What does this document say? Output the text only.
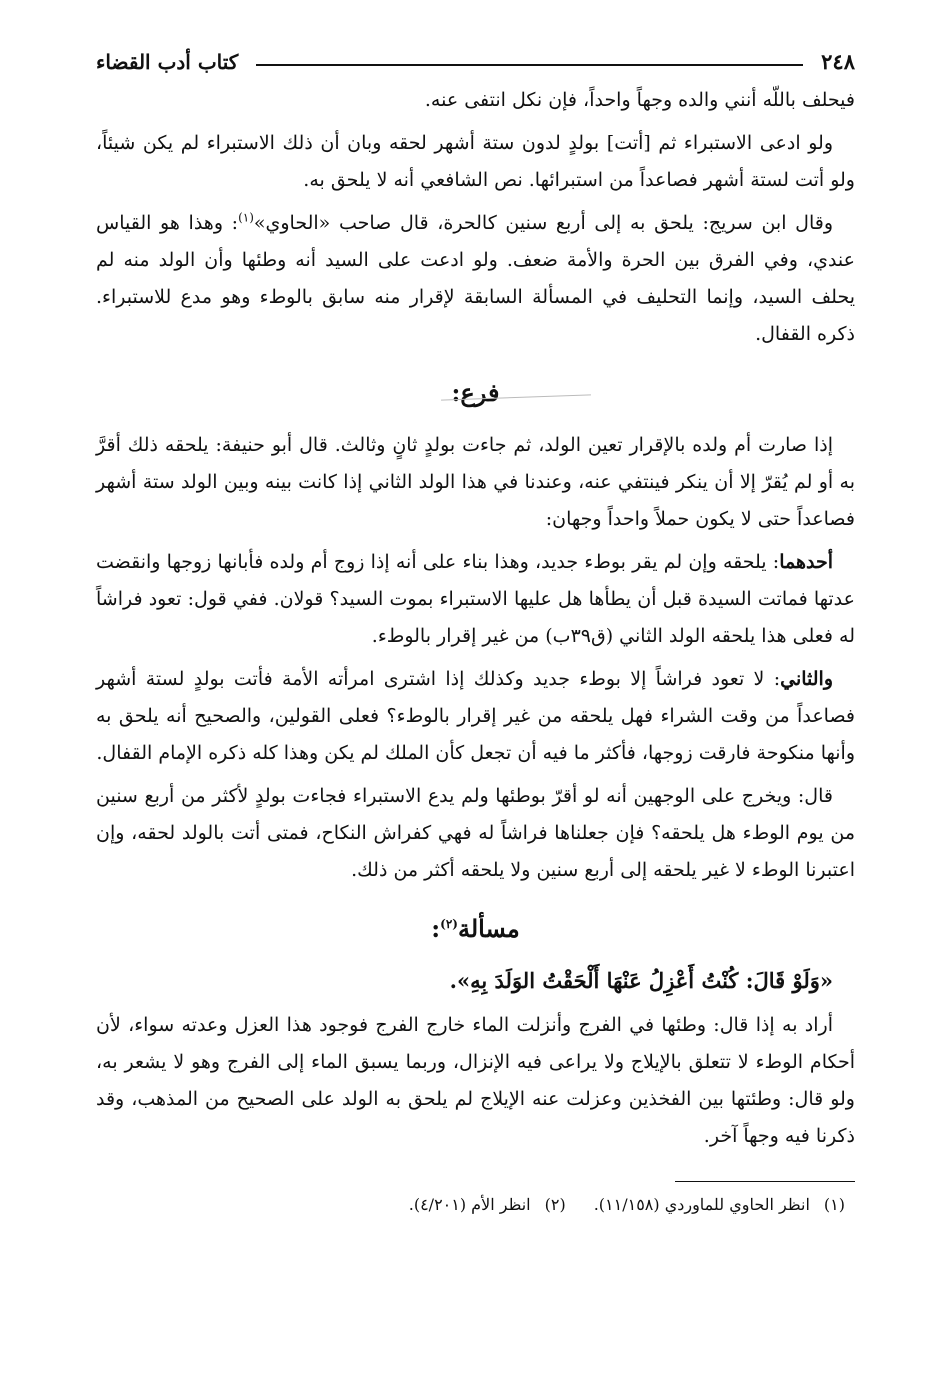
٢٤٨
كتاب أدب القضاء

فيحلف باللّه أنني والده وجهاً واحداً، فإن نكل انتفى عنه.

ولو ادعى الاستبراء ثم [أتت] بولدٍ لدون ستة أشهر لحقه وبان أن ذلك الاستبراء لم يكن شيئاً، ولو أتت لستة أشهر فصاعداً من استبرائها. نص الشافعي أنه لا يلحق به.

وقال ابن سريج: يلحق به إلى أربع سنين كالحرة، قال صاحب «الحاوي»$^{(١)}$: وهذا هو القياس عندي، وفي الفرق بين الحرة والأمة ضعف. ولو ادعت على السيد أنه وطئها وأن الولد منه لم يحلف السيد، وإنما التحليف في المسألة السابقة لإقرار منه سابق بالوطء وهو مدع للاستبراء. ذكره القفال.

فرع:

إذا صارت أم ولده بالإقرار تعين الولد، ثم جاءت بولدٍ ثانٍ وثالث. قال أبو حنيفة: يلحقه ذلك أقرَّ به أو لم يُقرّ إلا أن ينكر فينتفي عنه، وعندنا في هذا الولد الثاني إذا كانت بينه وبين الولد ستة أشهر فصاعداً حتى لا يكون حملاً واحداً وجهان:

أحدهما: يلحقه وإن لم يقر بوطء جديد، وهذا بناء على أنه إذا زوج أم ولده فأبانها زوجها وانقضت عدتها فماتت السيدة قبل أن يطأها هل عليها الاستبراء بموت السيد؟ قولان. ففي قول: تعود فراشاً له فعلى هذا يلحقه الولد الثاني (ق٣٩ب) من غير إقرار بالوطء.

والثاني: لا تعود فراشاً إلا بوطء جديد وكذلك إذا اشترى امرأته الأمة فأتت بولدٍ لستة أشهر فصاعداً من وقت الشراء فهل يلحقه من غير إقرار بالوطء؟ فعلى القولين، والصحيح أنه يلحق به وأنها منكوحة فارقت زوجها، فأكثر ما فيه أن تجعل كأن الملك لم يكن وهذا كله ذكره الإمام القفال.

قال: ويخرج على الوجهين أنه لو أقرّ بوطئها ولم يدع الاستبراء فجاءت بولدٍ لأكثر من أربع سنين من يوم الوطء هل يلحقه؟ فإن جعلناها فراشاً له فهي كفراش النكاح، فمتى أتت بالولد لحقه، وإن اعتبرنا الوطء لا غير يلحقه إلى أربع سنين ولا يلحقه أكثر من ذلك.

مسألة$^{(٢)}$:
«وَلَوْ قَالَ: كُنْتُ أَعْزِلُ عَنْهَا أَلْحَقْتُ الوَلَدَ بِهِ».

أراد به إذا قال: وطئها في الفرج وأنزلت الماء خارج الفرج فوجود هذا العزل وعدته سواء، لأن أحكام الوطء لا تتعلق بالإيلاج ولا يراعى فيه الإنزال، وربما يسبق الماء إلى الفرج وهو لا يشعر به، ولو قال: وطئتها بين الفخذين وعزلت عنه الإيلاج لم يلحق به الولد على الصحيح من المذهب، وقد ذكرنا فيه وجهاً آخر.

(١)انظر الحاوي للماوردي (١١/١٥٨).
(٢)انظر الأم (٤/٢٠١).
